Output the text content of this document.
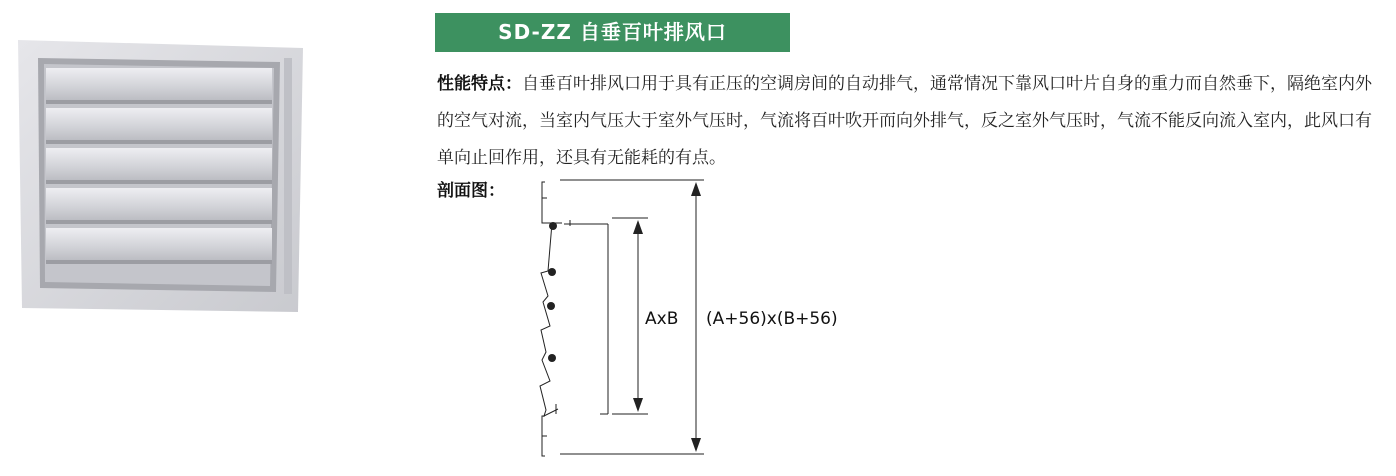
SD-ZZ 自垂百叶排风口
性能特点：自垂百叶排风口用于具有正压的空调房间的自动排气，通常情况下靠风口叶片自身的重力而自然垂下，隔绝室内外的空气对流，当室内气压大于室外气压时，气流将百叶吹开而向外排气，反之室外气压时，气流不能反向流入室内，此风口有单向止回作用，还具有无能耗的有点。
剖面图：
AxB (A+56)x(B+56)
